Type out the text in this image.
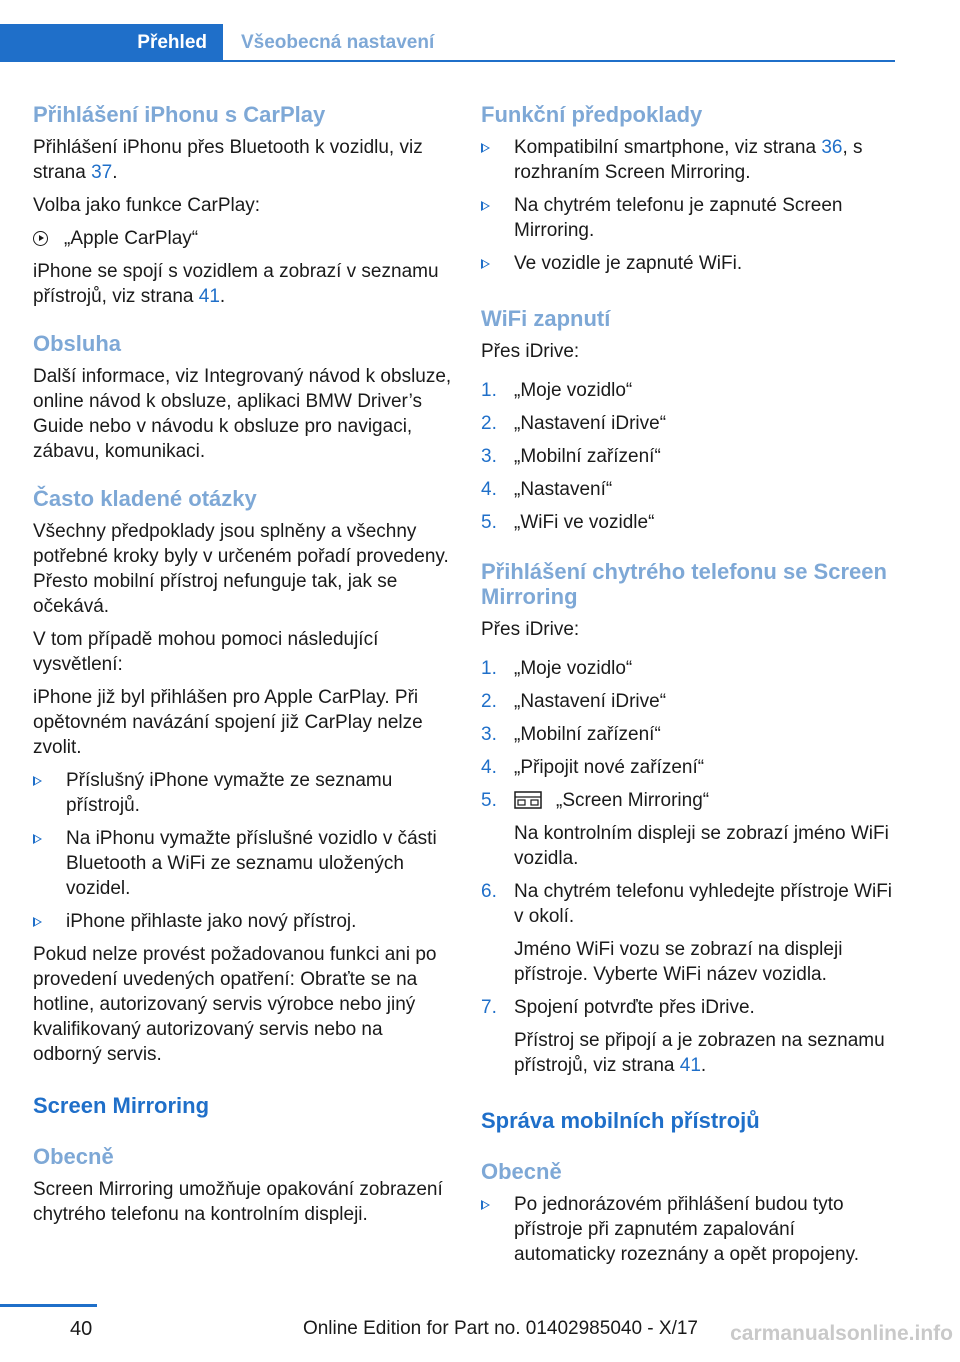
Přehled	Všeobecná nastavení
Přihlášení iPhonu s CarPlay

Přihlášení iPhonu přes Bluetooth k vozidlu, viz strana 37.

Volba jako funkce CarPlay:

„Apple CarPlay“

iPhone se spojí s vozidlem a zobrazí v seznamu přístrojů, viz strana 41.

Obsluha

Další informace, viz Integrovaný návod k obsluze, online návod k obsluze, aplikaci BMW Driver’s Guide nebo v návodu k obsluze pro navigaci, zábavu, komunikaci.

Často kladené otázky

Všechny předpoklady jsou splněny a všechny potřebné kroky byly v určeném pořadí provedeny. Přesto mobilní přístroj nefunguje tak, jak se očekává.

V tom případě mohou pomoci následující vysvětlení:

iPhone již byl přihlášen pro Apple CarPlay. Při opětovném navázání spojení již CarPlay nelze zvolit.

Příslušný iPhone vymažte ze seznamu přístrojů.
Na iPhonu vymažte příslušné vozidlo v části Bluetooth a WiFi ze seznamu uložených vozidel.
iPhone přihlaste jako nový přístroj.

Pokud nelze provést požadovanou funkci ani po provedení uvedených opatření: Obraťte se na hotline, autorizovaný servis výrobce nebo jiný kvalifikovaný autorizovaný servis nebo na odborný servis.

Screen Mirroring
Obecně

Screen Mirroring umožňuje opakování zobrazení chytrého telefonu na kontrolním displeji.

Funkční předpoklady
Kompatibilní smartphone, viz strana 36, s rozhraním Screen Mirroring.
Na chytrém telefonu je zapnuté Screen Mirroring.
Ve vozidle je zapnuté WiFi.
WiFi zapnutí

Přes iDrive:

1. „Moje vozidlo“
2. „Nastavení iDrive“
3. „Mobilní zařízení“
4. „Nastavení“
5. „WiFi ve vozidle“
Přihlášení chytrého telefonu se Screen Mirroring

Přes iDrive:

1. „Moje vozidlo“
2. „Nastavení iDrive“
3. „Mobilní zařízení“
4. „Připojit nové zařízení“
5.	„Screen Mirroring“
Na kontrolním displeji se zobrazí jméno WiFi vozidla.
6. Na chytrém telefonu vyhledejte přístroje WiFi v okolí.
Jméno WiFi vozu se zobrazí na displeji přístroje. Vyberte WiFi název vozidla.
7. Spojení potvrďte přes iDrive.
Přístroj se připojí a je zobrazen na seznamu přístrojů, viz strana 41.
Správa mobilních přístrojů
Obecně
Po jednorázovém přihlášení budou tyto přístroje při zapnutém zapalování automaticky rozeznány a opět propojeny.
40	Online Edition for Part no. 01402985040 - X/17 carmanualsonline.info
